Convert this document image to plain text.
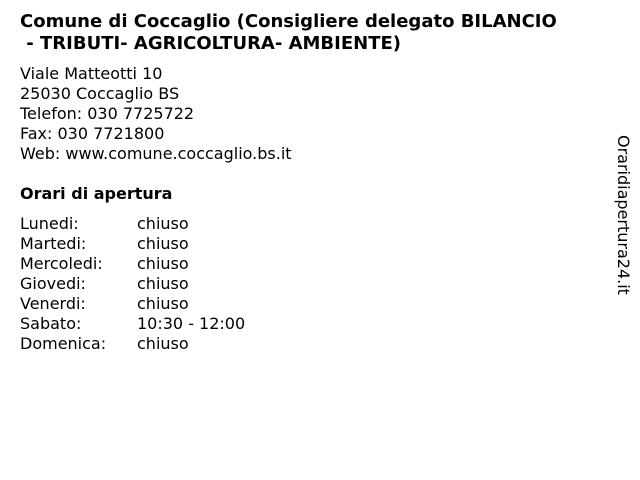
Comune di Coccaglio (Consigliere delegato BILANCIO
- TRIBUTI- AGRICOLTURA- AMBIENTE)
Viale Matteotti 10
25030 Coccaglio BS
Telefon: 030 7725722
Fax: 030 7721800
Web: www.comune.coccaglio.bs.it
Orari di apertura
Lunedi:	chiuso
Martedi:	chiuso
Mercoledi:	chiuso
Giovedi:	chiuso
Venerdi:	chiuso
Sabato:	10:30 - 12:00
Domenica:	chiuso
Oraridiapertura24.it
